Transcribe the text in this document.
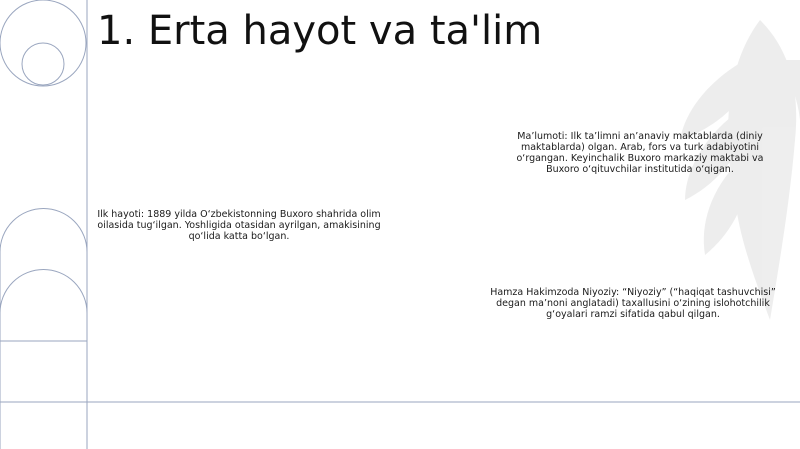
1. Erta hayot va ta'lim

Ma’lumoti: Ilk ta’limni an’anaviy maktablarda (diniy maktablarda) olgan. Arab, fors va turk adabiyotini o‘rgangan. Keyinchalik Buxoro markaziy maktabi va Buxoro o‘qituvchilar institutida o‘qigan.

Ilk hayoti: 1889 yilda O‘zbekistonning Buxoro shahrida olim oilasida tug‘ilgan. Yoshligida otasidan ayrilgan, amakisining qo‘lida katta bo‘lgan.

Hamza Hakimzoda Niyoziy: “Niyoziy” (“haqiqat tashuvchisi” degan ma’noni anglatadi) taxallusini o‘zining islohotchilik g‘oyalari ramzi sifatida qabul qilgan.
